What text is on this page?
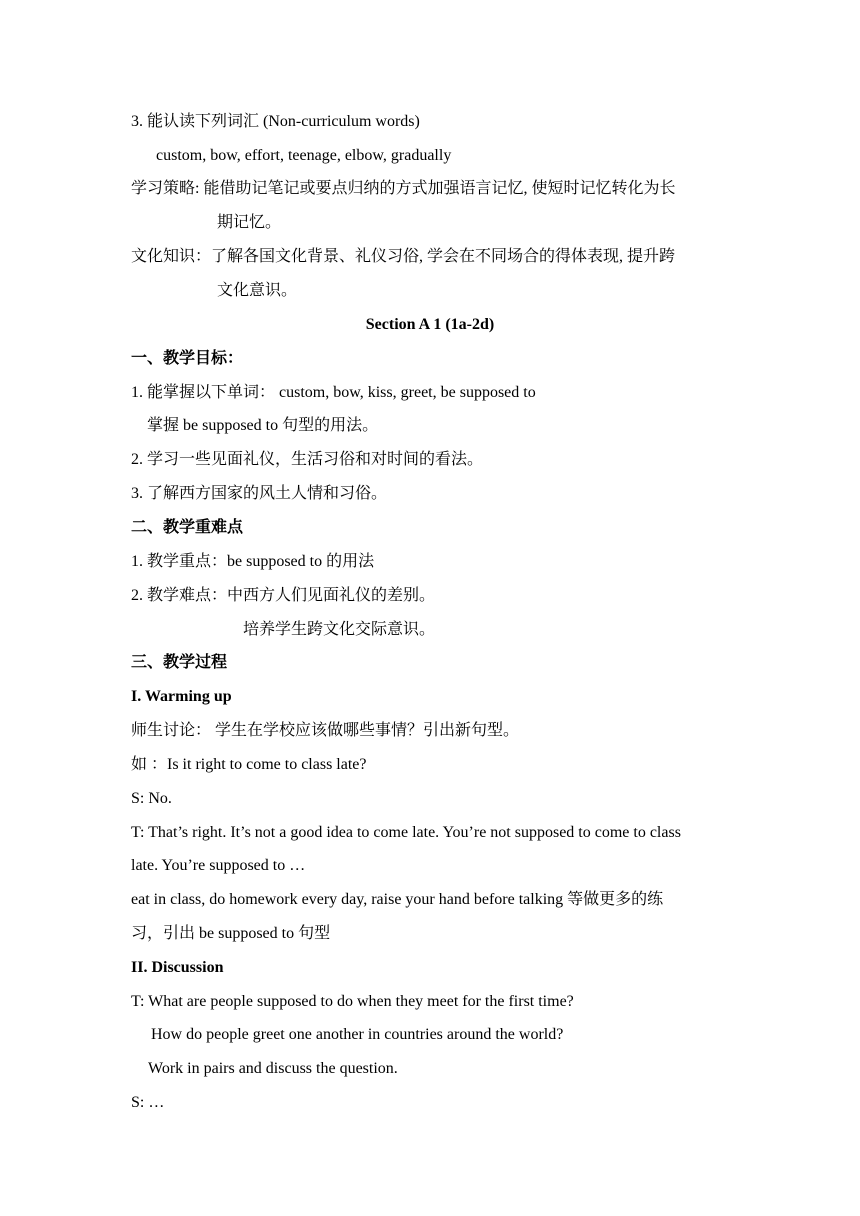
3. 能认读下列词汇 (Non-curriculum words)
custom, bow, effort, teenage, elbow, gradually
学习策略: 能借助记笔记或要点归纳的方式加强语言记忆, 使短时记忆转化为长
期记忆。
文化知识：了解各国文化背景、礼仪习俗, 学会在不同场合的得体表现, 提升跨
文化意识。
Section A 1 (1a-2d)
一、教学目标：
1. 能掌握以下单词： custom, bow, kiss, greet, be supposed to
掌握 be supposed to 句型的用法。
2. 学习一些见面礼仪，生活习俗和对时间的看法。
3. 了解西方国家的风土人情和习俗。
二、教学重难点
1. 教学重点：be supposed to 的用法
2. 教学难点：中西方人们见面礼仪的差别。
培养学生跨文化交际意识。
三、教学过程
I. Warming up
师生讨论： 学生在学校应该做哪些事情？引出新句型。
如 ：Is it right to come to class late?
S: No.
T: That’s right. It’s not a good idea to come late. You’re not supposed to come to class
late. You’re supposed to …
eat in class, do homework every day, raise your hand before talking 等做更多的练
习，引出 be supposed to 句型
II. Discussion
T: What are people supposed to do when they meet for the first time?
How do people greet one another in countries around the world?
Work in pairs and discuss the question.
S: …
